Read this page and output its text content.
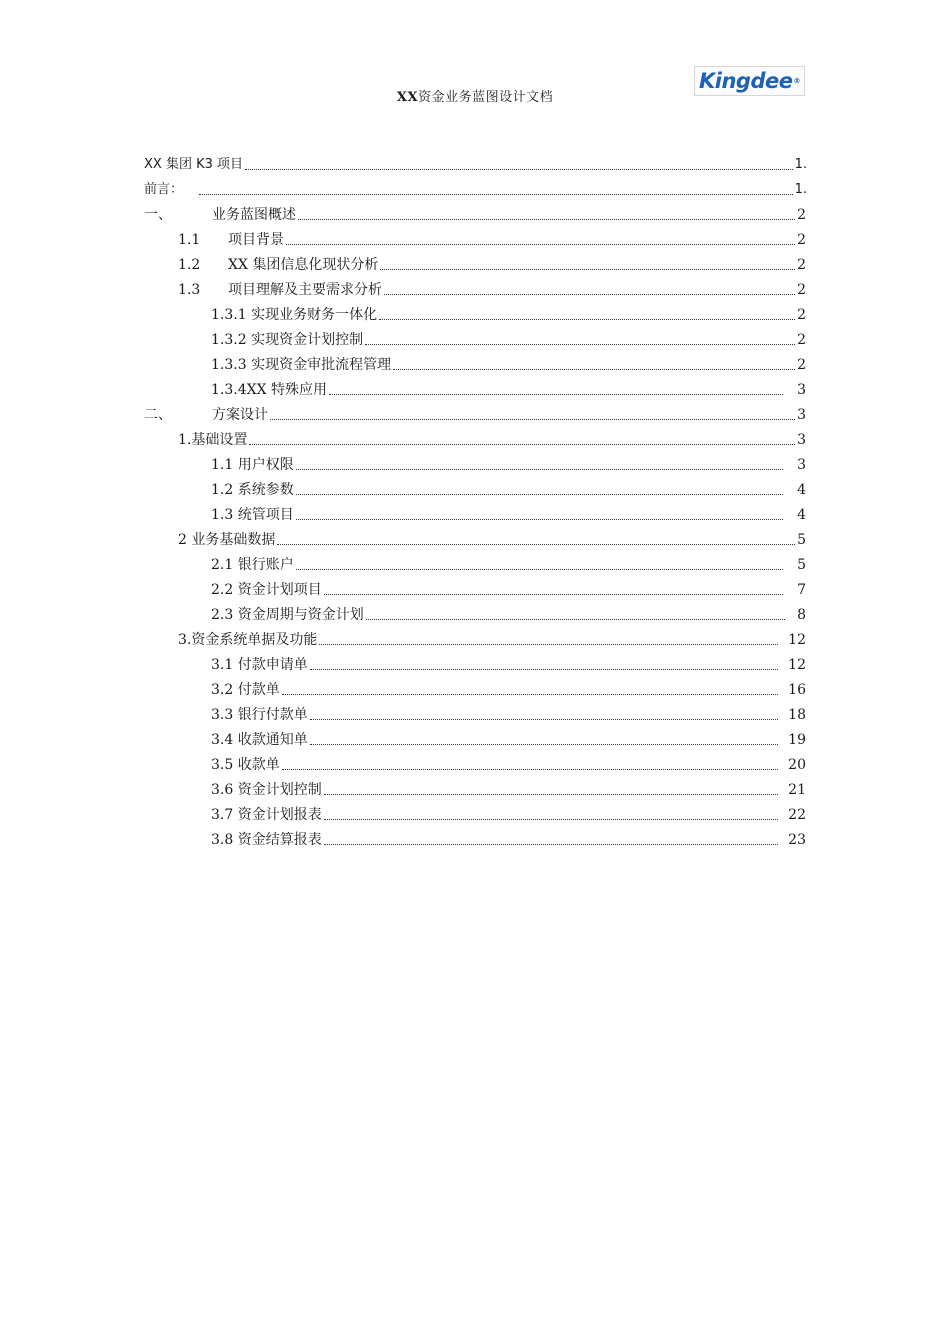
XX资金业务蓝图设计文档
Kingdee ®
XX 集团 K3 项目	1.
前言：	1.
一、	业务蓝图概述	2
1.1	项目背景	2
1.2	XX 集团信息化现状分析	2
1.3	项目理解及主要需求分析	2
1.3.1 实现业务财务一体化	2
1.3.2 实现资金计划控制	2
1.3.3 实现资金审批流程管理	2
1.3.4XX 特殊应用	3
二、	方案设计	3
1.基础设置	3
1.1 用户权限	3
1.2 系统参数	4
1.3 统管项目	4
2 业务基础数据	5
2.1 银行账户	5
2.2 资金计划项目	7
2.3 资金周期与资金计划	8
3.资金系统单据及功能	12
3.1 付款申请单	12
3.2 付款单	16
3.3 银行付款单	18
3.4 收款通知单	19
3.5 收款单	20
3.6 资金计划控制	21
3.7 资金计划报表	22
3.8 资金结算报表	23
